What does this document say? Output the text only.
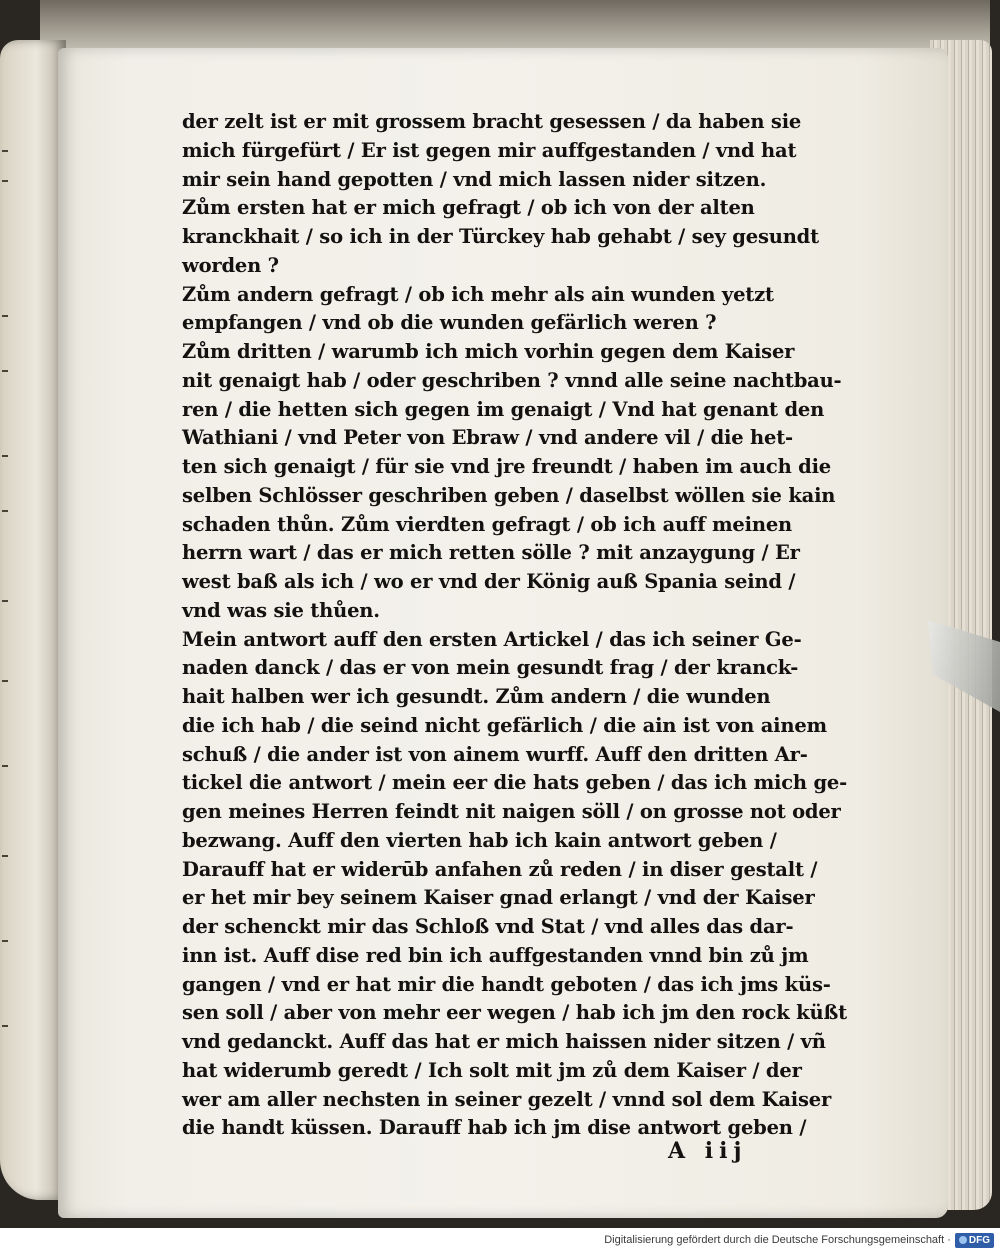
der zelt ist er mit grossem bracht gesessen / da haben sie
mich fürgefürt / Er ist gegen mir auffgestanden / vnd hat
mir sein hand gepotten / vnd mich lassen nider sitzen.
Zům ersten hat er mich gefragt / ob ich von der alten
kranckhait / so ich in der Türckey hab gehabt / sey gesundt
worden ?
Zům andern gefragt / ob ich mehr als ain wunden yetzt
empfangen / vnd ob die wunden gefärlich weren ?
Zům dritten / warumb ich mich vorhin gegen dem Kaiser
nit genaigt hab / oder geschriben ? vnnd alle seine nachtbau-
ren / die hetten sich gegen im genaigt / Vnd hat genant den
Wathiani / vnd Peter von Ebraw / vnd andere vil / die het-
ten sich genaigt / für sie vnd jre freundt / haben im auch die
selben Schlösser geschriben geben / daselbst wöllen sie kain
schaden thůn. Zům vierdten gefragt / ob ich auff meinen
herrn wart / das er mich retten sölle ? mit anzaygung / Er
west baß als ich / wo er vnd der König auß Spania seind /
vnd was sie thůen.
Mein antwort auff den ersten Artickel / das ich seiner Ge-
naden danck / das er von mein gesundt frag / der kranck-
hait halben wer ich gesundt. Zům andern / die wunden
die ich hab / die seind nicht gefärlich / die ain ist von ainem
schuß / die ander ist von ainem wurff. Auff den dritten Ar-
tickel die antwort / mein eer die hats geben / das ich mich ge-
gen meines Herren feindt nit naigen söll / on grosse not oder
bezwang. Auff den vierten hab ich kain antwort geben /
Darauff hat er widerūb anfahen zů reden / in diser gestalt /
er het mir bey seinem Kaiser gnad erlangt / vnd der Kaiser
der schenckt mir das Schloß vnd Stat / vnd alles das dar-
inn ist. Auff dise red bin ich auffgestanden vnnd bin zů jm
gangen / vnd er hat mir die handt geboten / das ich jms küs-
sen soll / aber von mehr eer wegen / hab ich jm den rock küßt
vnd gedanckt. Auff das hat er mich haissen nider sitzen / vñ
hat widerumb geredt / Ich solt mit jm zů dem Kaiser / der
wer am aller nechsten in seiner gezelt / vnnd sol dem Kaiser
die handt küssen. Darauff hab ich jm dise antwort geben /
A iij
Digitalisierung gefördert durch die Deutsche Forschungsgemeinschaft · DFG
